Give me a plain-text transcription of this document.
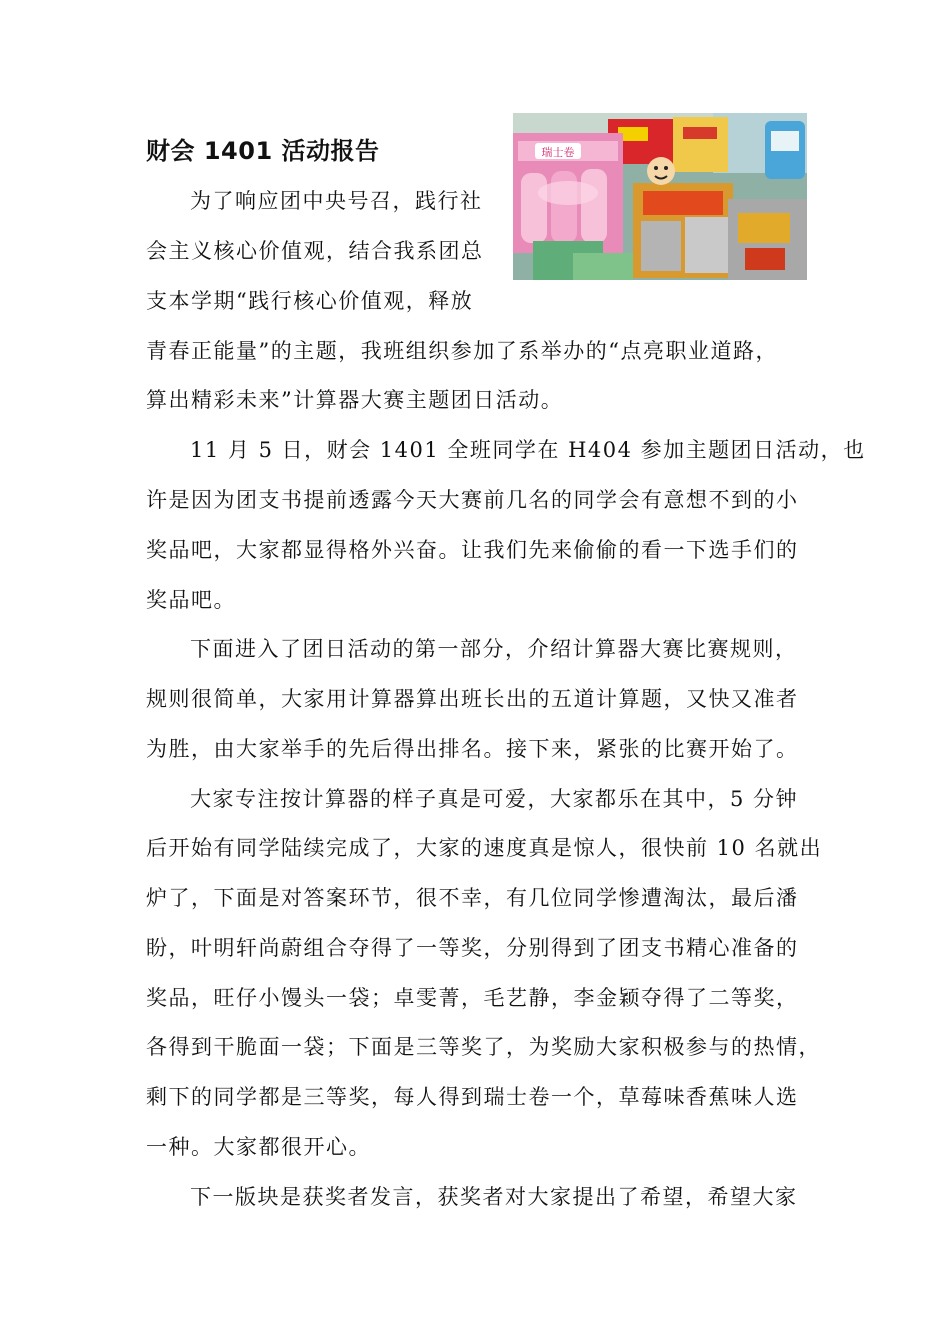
财会 1401 活动报告	瑞士卷
为了响应团中央号召，践行社
会主义核心价值观，结合我系团总
支本学期“践行核心价值观，释放
青春正能量”的主题，我班组织参加了系举办的“点亮职业道路，
算出精彩未来”计算器大赛主题团日活动。
11 月 5 日，财会 1401 全班同学在 H404 参加主题团日活动，也
许是因为团支书提前透露今天大赛前几名的同学会有意想不到的小
奖品吧，大家都显得格外兴奋。让我们先来偷偷的看一下选手们的
奖品吧。
下面进入了团日活动的第一部分，介绍计算器大赛比赛规则，
规则很简单，大家用计算器算出班长出的五道计算题，又快又准者
为胜，由大家举手的先后得出排名。接下来，紧张的比赛开始了。
大家专注按计算器的样子真是可爱，大家都乐在其中，5 分钟
后开始有同学陆续完成了，大家的速度真是惊人，很快前 10 名就出
炉了，下面是对答案环节，很不幸，有几位同学惨遭淘汰，最后潘
盼，叶明轩尚蔚组合夺得了一等奖，分别得到了团支书精心准备的
奖品，旺仔小馒头一袋；卓雯菁，毛艺静，李金颖夺得了二等奖，
各得到干脆面一袋；下面是三等奖了，为奖励大家积极参与的热情，
剩下的同学都是三等奖，每人得到瑞士卷一个，草莓味香蕉味人选
一种。大家都很开心。
下一版块是获奖者发言，获奖者对大家提出了希望，希望大家
